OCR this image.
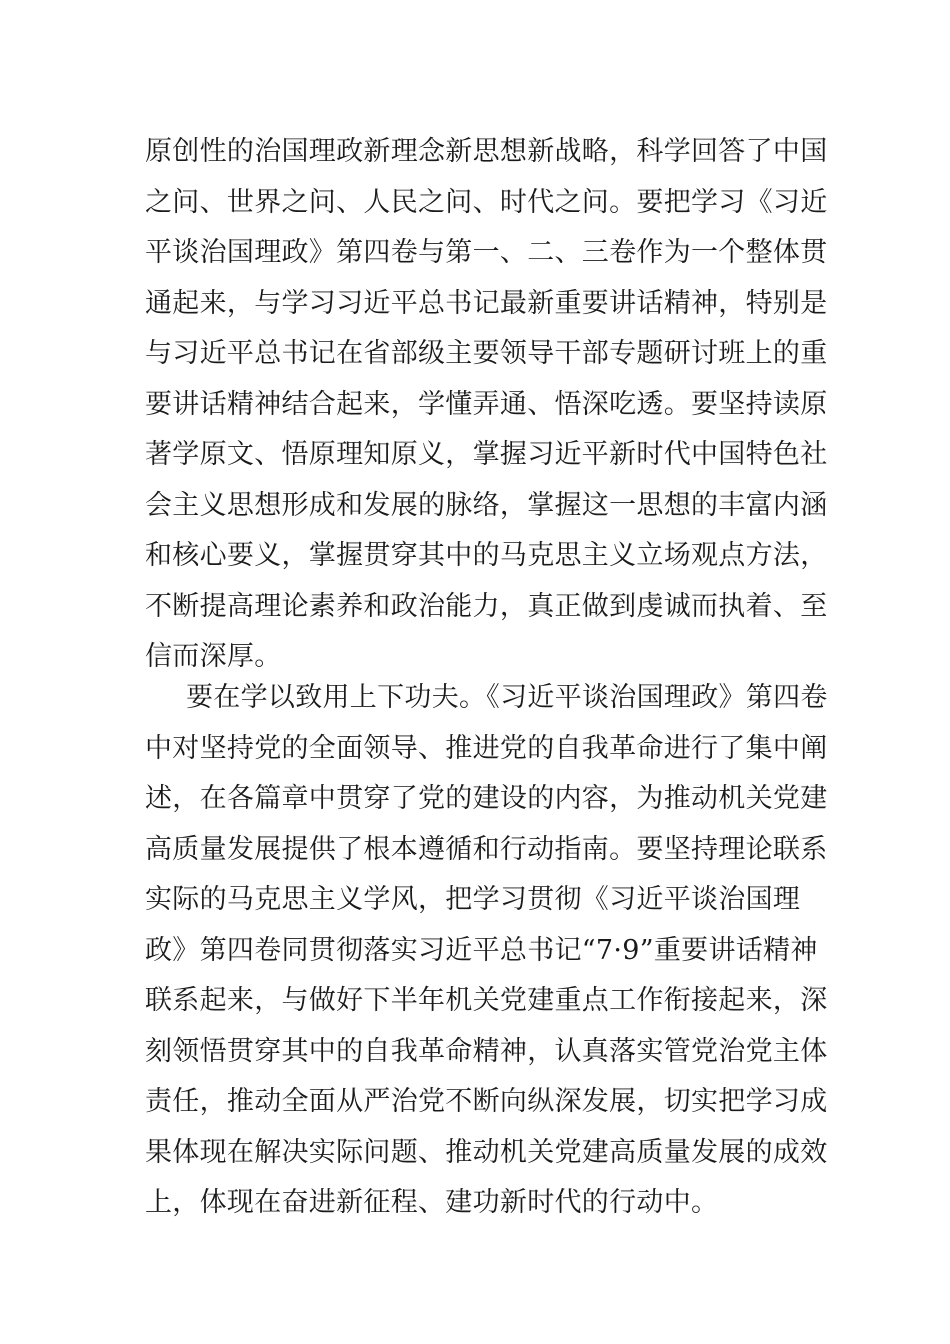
原创性的治国理政新理念新思想新战略，科学回答了中国
之问、世界之问、人民之问、时代之问。要把学习《习近
平谈治国理政》第四卷与第一、二、三卷作为一个整体贯
通起来，与学习习近平总书记最新重要讲话精神，特别是
与习近平总书记在省部级主要领导干部专题研讨班上的重
要讲话精神结合起来，学懂弄通、悟深吃透。要坚持读原
著学原文、悟原理知原义，掌握习近平新时代中国特色社
会主义思想形成和发展的脉络，掌握这一思想的丰富内涵
和核心要义，掌握贯穿其中的马克思主义立场观点方法，
不断提高理论素养和政治能力，真正做到虔诚而执着、至
信而深厚。
要在学以致用上下功夫。《习近平谈治国理政》第四卷
中对坚持党的全面领导、推进党的自我革命进行了集中阐
述，在各篇章中贯穿了党的建设的内容，为推动机关党建
高质量发展提供了根本遵循和行动指南。要坚持理论联系
实际的马克思主义学风，把学习贯彻《习近平谈治国理
政》第四卷同贯彻落实习近平总书记“7·9”重要讲话精神
联系起来，与做好下半年机关党建重点工作衔接起来，深
刻领悟贯穿其中的自我革命精神，认真落实管党治党主体
责任，推动全面从严治党不断向纵深发展，切实把学习成
果体现在解决实际问题、推动机关党建高质量发展的成效
上，体现在奋进新征程、建功新时代的行动中。
